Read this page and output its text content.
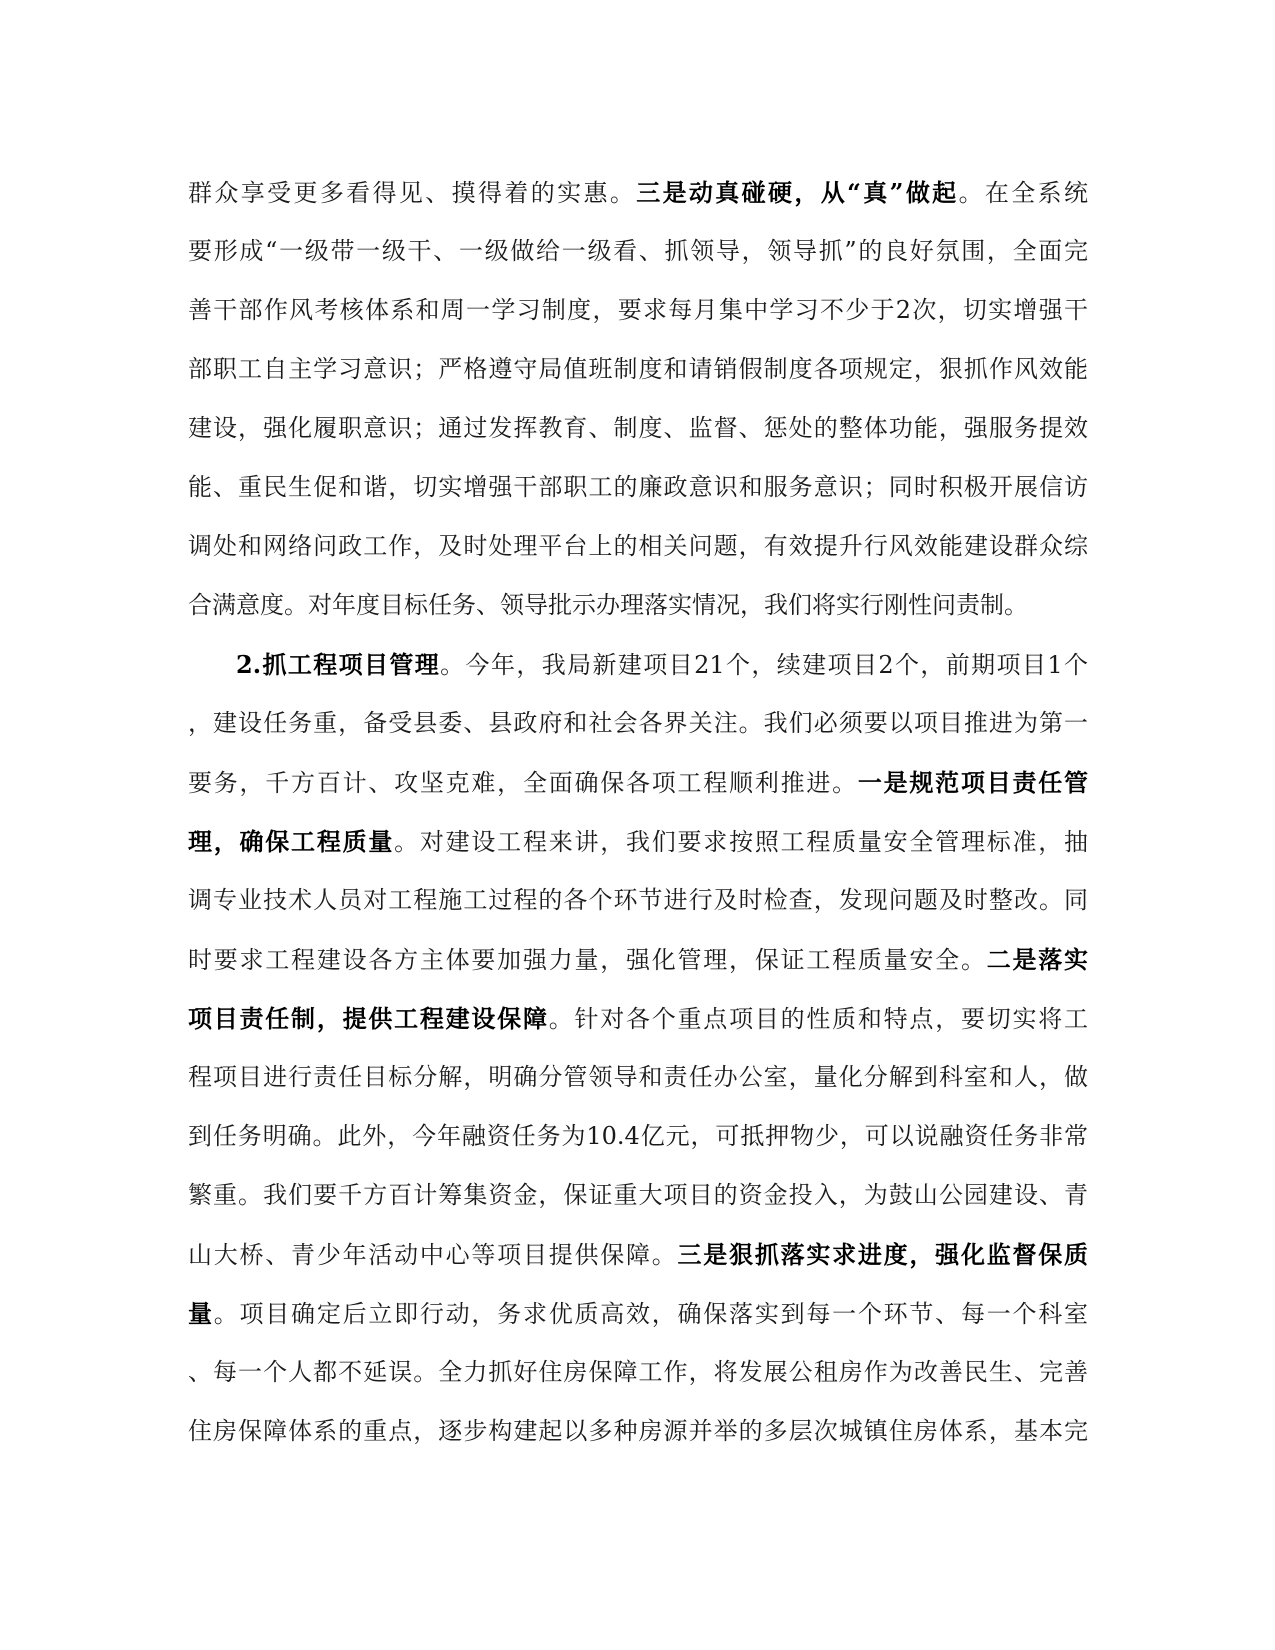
群众享受更多看得见、摸得着的实惠。三是动真碰硬，从“真”做起。在全系统
要形成“一级带一级干、一级做给一级看、抓领导，领导抓”的良好氛围，全面完
善干部作风考核体系和周一学习制度，要求每月集中学习不少于2次，切实增强干
部职工自主学习意识；严格遵守局值班制度和请销假制度各项规定，狠抓作风效能
建设，强化履职意识；通过发挥教育、制度、监督、惩处的整体功能，强服务提效
能、重民生促和谐，切实增强干部职工的廉政意识和服务意识；同时积极开展信访
调处和网络问政工作，及时处理平台上的相关问题，有效提升行风效能建设群众综
合满意度。对年度目标任务、领导批示办理落实情况，我们将实行刚性问责制。
2.抓工程项目管理。今年，我局新建项目21个，续建项目2个，前期项目1个
，建设任务重，备受县委、县政府和社会各界关注。我们必须要以项目推进为第一
要务，千方百计、攻坚克难，全面确保各项工程顺利推进。一是规范项目责任管
理，确保工程质量。对建设工程来讲，我们要求按照工程质量安全管理标准，抽
调专业技术人员对工程施工过程的各个环节进行及时检查，发现问题及时整改。同
时要求工程建设各方主体要加强力量，强化管理，保证工程质量安全。二是落实
项目责任制，提供工程建设保障。针对各个重点项目的性质和特点，要切实将工
程项目进行责任目标分解，明确分管领导和责任办公室，量化分解到科室和人，做
到任务明确。此外，今年融资任务为10.4亿元，可抵押物少，可以说融资任务非常
繁重。我们要千方百计筹集资金，保证重大项目的资金投入，为鼓山公园建设、青
山大桥、青少年活动中心等项目提供保障。三是狠抓落实求进度，强化监督保质
量。项目确定后立即行动，务求优质高效，确保落实到每一个环节、每一个科室
、每一个人都不延误。全力抓好住房保障工作，将发展公租房作为改善民生、完善
住房保障体系的重点，逐步构建起以多种房源并举的多层次城镇住房体系，基本完
